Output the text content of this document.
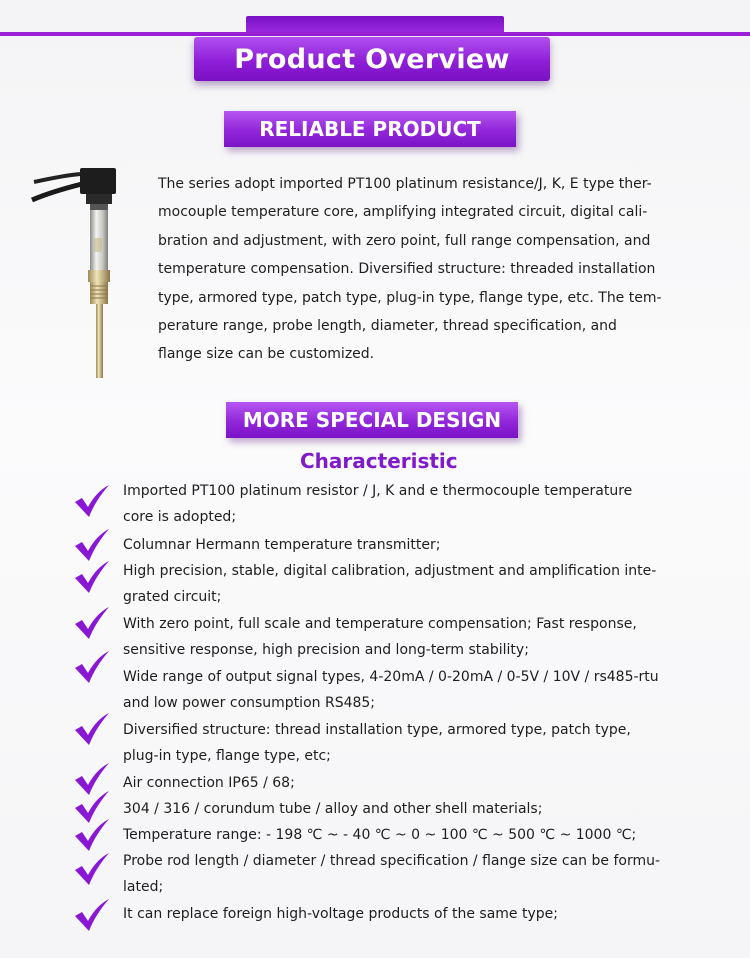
Product Overview
RELIABLE PRODUCT

The series adopt imported PT100 platinum resistance/J, K, E type ther-
mocouple temperature core, amplifying integrated circuit, digital cali-
bration and adjustment, with zero point, full range compensation, and
temperature compensation. Diversified structure: threaded installation
type, armored type, patch type, plug-in type, flange type, etc. The tem-
perature range, probe length, diameter, thread specification, and
flange size can be customized.

MORE SPECIAL DESIGN
Characteristic

Imported PT100 platinum resistor / J, K and e thermocouple temperature
core is adopted;

Columnar Hermann temperature transmitter;

High precision, stable, digital calibration, adjustment and amplification inte-
grated circuit;

With zero point, full scale and temperature compensation; Fast response,
sensitive response, high precision and long-term stability;

Wide range of output signal types, 4-20mA / 0-20mA / 0-5V / 10V / rs485-rtu
and low power consumption RS485;

Diversified structure: thread installation type, armored type, patch type,
plug-in type, flange type, etc;

Air connection IP65 / 68;

304 / 316 / corundum tube / alloy and other shell materials;

Temperature range: - 198 ℃ ~ - 40 ℃ ~ 0 ~ 100 ℃ ~ 500 ℃ ~ 1000 ℃;

Probe rod length / diameter / thread specification / flange size can be formu-
lated;

It can replace foreign high-voltage products of the same type;
